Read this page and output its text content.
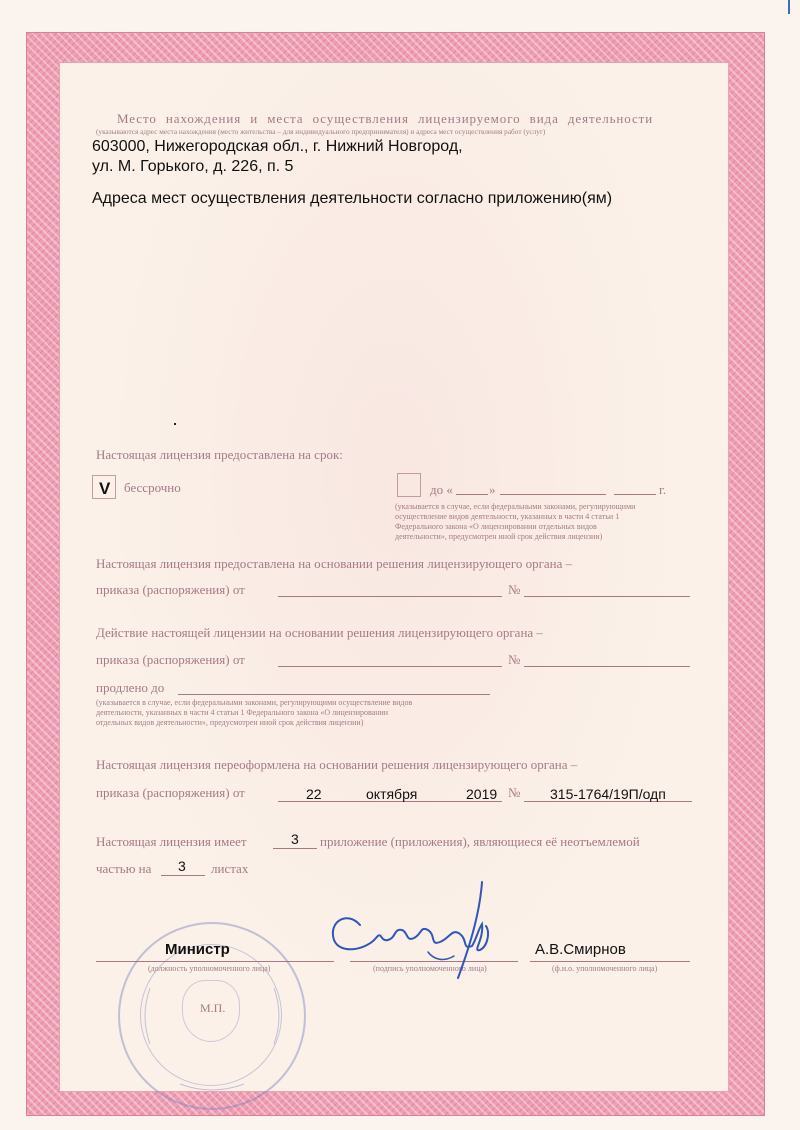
Место нахождения и места осуществления лицензируемого вида деятельности
(указываются адрес места нахождения (место жительства – для индивидуального предпринимателя) и адреса мест осуществления работ (услуг)
603000, Нижегородская обл., г. Нижний Новгород,
ул. М. Горького, д. 226, п. 5
Адреса мест осуществления деятельности согласно приложению(ям)
Настоящая лицензия предоставлена на срок:
V бессрочно	до «	»	г.
(указывается в случае, если федеральными законами, регулирующими
осуществление видов деятельности, указанных в части 4 статьи 1
Федерального закона «О лицензировании отдельных видов
деятельности», предусмотрен иной срок действия лицензии)
Настоящая лицензия предоставлена на основании решения лицензирующего органа –
приказа (распоряжения) от	№
Действие настоящей лицензии на основании решения лицензирующего органа –
приказа (распоряжения) от	№
продлено до
(указывается в случае, если федеральными законами, регулирующими осуществление видов
деятельности, указанных в части 4 статьи 1 Федерального закона «О лицензировании
отдельных видов деятельности», предусмотрен иной срок действия лицензии)
Настоящая лицензия переоформлена на основании решения лицензирующего органа –
приказа (распоряжения) от	22	октября	2019 № 315-1764/19П/одп
Настоящая лицензия имеет	3 приложение (приложения), являющиеся её неотъемлемой
частью на 3 листах
Министр
(должность уполномоченного лица)	(подпись уполномоченного лица)
А.В.Смирнов
(ф.и.о. уполномоченного лица)
М.П.
